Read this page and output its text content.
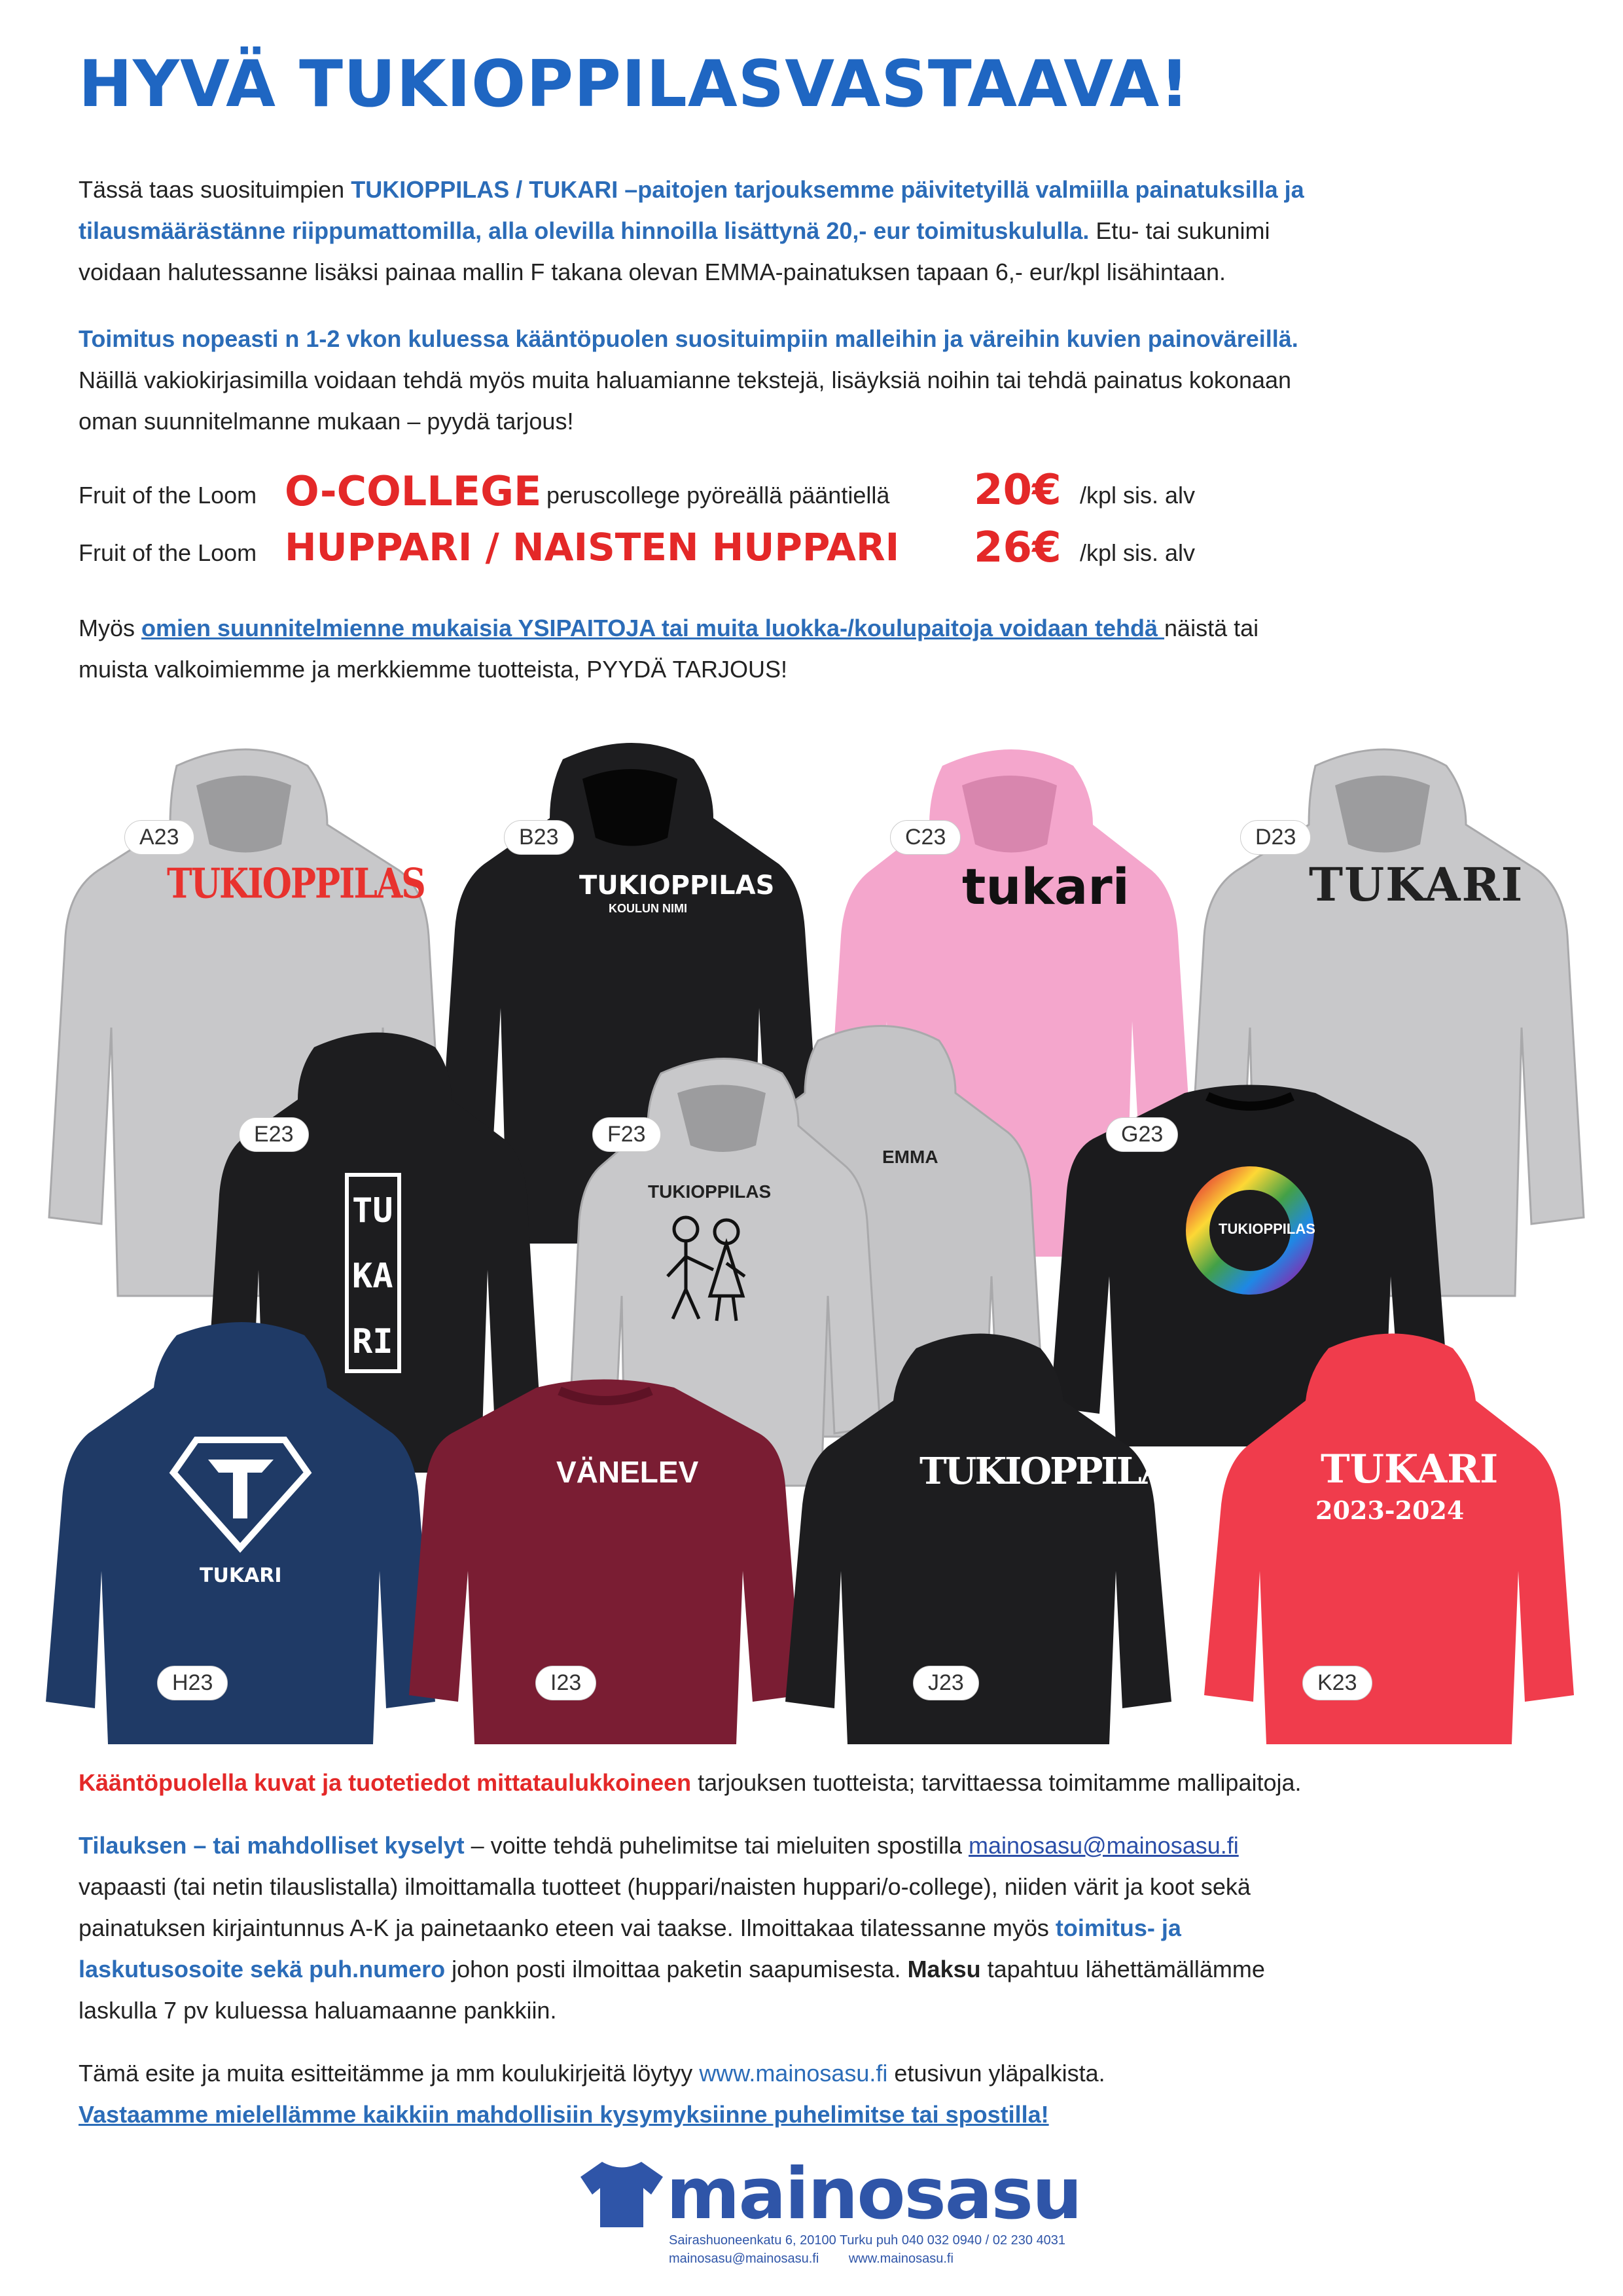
HYVÄ TUKIOPPILASVASTAAVA!
Tässä taas suosituimpien TUKIOPPILAS / TUKARI –paitojen tarjouksemme päivitetyillä valmiilla painatuksilla ja
tilausmäärästänne riippumattomilla, alla olevilla hinnoilla lisättynä 20,- eur toimituskululla. Etu- tai sukunimi
voidaan halutessanne lisäksi painaa mallin F takana olevan EMMA-painatuksen tapaan 6,- eur/kpl lisähintaan.
Toimitus nopeasti n 1-2 vkon kuluessa kääntöpuolen suosituimpiin malleihin ja väreihin kuvien painoväreillä.
Näillä vakiokirjasimilla voidaan tehdä myös muita haluamianne tekstejä, lisäyksiä noihin tai tehdä painatus kokonaan
oman suunnitelmanne mukaan – pyydä tarjous!
Fruit of the Loom O-COLLEGE peruscollege pyöreällä pääntiellä 20€ /kpl sis. alv
Fruit of the Loom HUPPARI / NAISTEN HUPPARI 26€ /kpl sis. alv
Myös omien suunnitelmienne mukaisia YSIPAITOJA tai muita luokka-/koulupaitoja voidaan tehdä näistä tai
muista valkoimiemme ja merkkiemme tuotteista, PYYDÄ TARJOUS!
TUKIOPPILAS	TUKIOPPILAS
KOULUN NIMI	tukari	TUKARI
TU
KA
RI
TUKIOPPILAS
EMMA
TUKIOPPILAS
TUKARI
VÄNELEV	TUKIOPPILAS	TUKARI
2023-2024
A23	B23	C23	D23
E23	F23	G23
H23	I23	J23	K23
Kääntöpuolella kuvat ja tuotetiedot mittataulukkoineen tarjouksen tuotteista; tarvittaessa toimitamme mallipaitoja.
Tilauksen – tai mahdolliset kyselyt – voitte tehdä puhelimitse tai mieluiten spostilla mainosasu@mainosasu.fi
vapaasti (tai netin tilauslistalla) ilmoittamalla tuotteet (huppari/naisten huppari/o-college), niiden värit ja koot sekä
painatuksen kirjaintunnus A-K ja painetaanko eteen vai taakse. Ilmoittakaa tilatessanne myös toimitus- ja
laskutusosoite sekä puh.numero johon posti ilmoittaa paketin saapumisesta. Maksu tapahtuu lähettämällämme
laskulla 7 pv kuluessa haluamaanne pankkiin.
Tämä esite ja muita esitteitämme ja mm koulukirjeitä löytyy www.mainosasu.fi etusivun yläpalkista.
Vastaamme mielellämme kaikkiin mahdollisiin kysymyksiinne puhelimitse tai spostilla!
mainosasu
Sairashuoneenkatu 6, 20100 Turku puh 040 032 0940 / 02 230 4031
mainosasu@mainosasu.fi www.mainosasu.fi
